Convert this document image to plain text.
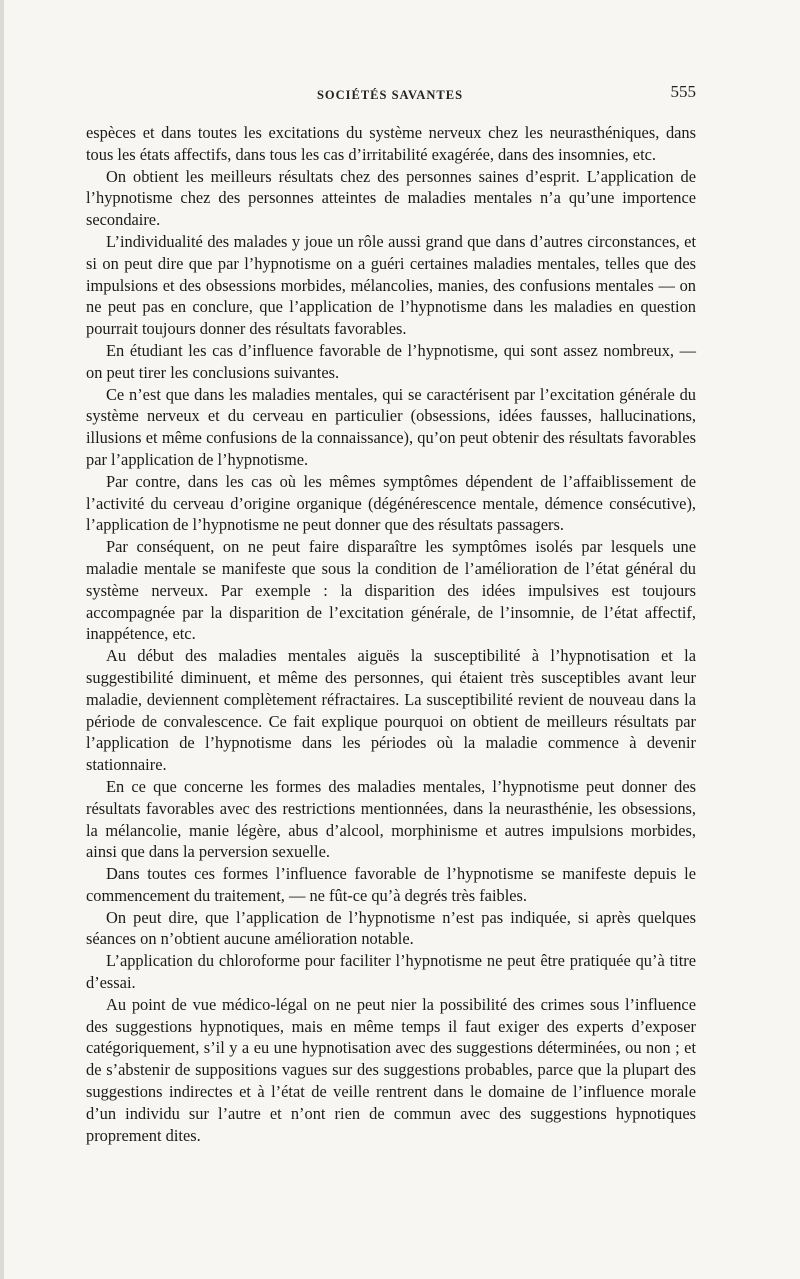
SOCIÉTÉS SAVANTES	555

espèces et dans toutes les excitations du système nerveux chez les neurasthéniques, dans tous les états affectifs, dans tous les cas d’irritabilité exagérée, dans des insomnies, etc.

On obtient les meilleurs résultats chez des personnes saines d’esprit. L’application de l’hypnotisme chez des personnes atteintes de maladies mentales n’a qu’une importence secondaire.

L’individualité des malades y joue un rôle aussi grand que dans d’autres circonstances, et si on peut dire que par l’hypnotisme on a guéri certaines maladies mentales, telles que des impulsions et des obsessions morbides, mélancolies, manies, des confusions mentales — on ne peut pas en conclure, que l’application de l’hypnotisme dans les maladies en question pourrait toujours donner des résultats favorables.

En étudiant les cas d’influence favorable de l’hypnotisme, qui sont assez nombreux, — on peut tirer les conclusions suivantes.

Ce n’est que dans les maladies mentales, qui se caractérisent par l’excitation générale du système nerveux et du cerveau en particulier (obsessions, idées fausses, hallucinations, illusions et même confusions de la connaissance), qu’on peut obtenir des résultats favorables par l’application de l’hypnotisme.

Par contre, dans les cas où les mêmes symptômes dépendent de l’affaiblissement de l’activité du cerveau d’origine organique (dégénérescence mentale, démence consécutive), l’application de l’hypnotisme ne peut donner que des résultats passagers.

Par conséquent, on ne peut faire disparaître les symptômes isolés par lesquels une maladie mentale se manifeste que sous la condition de l’amélioration de l’état général du système nerveux. Par exemple : la disparition des idées impulsives est toujours accompagnée par la disparition de l’excitation générale, de l’insomnie, de l’état affectif, inappétence, etc.

Au début des maladies mentales aiguës la susceptibilité à l’hypnotisation et la suggestibilité diminuent, et même des personnes, qui étaient très susceptibles avant leur maladie, deviennent complètement réfractaires. La susceptibilité revient de nouveau dans la période de convalescence. Ce fait explique pourquoi on obtient de meilleurs résultats par l’application de l’hypnotisme dans les périodes où la maladie commence à devenir stationnaire.

En ce que concerne les formes des maladies mentales, l’hypnotisme peut donner des résultats favorables avec des restrictions mentionnées, dans la neurasthénie, les obsessions, la mélancolie, manie légère, abus d’alcool, morphinisme et autres impulsions morbides, ainsi que dans la perversion sexuelle.

Dans toutes ces formes l’influence favorable de l’hypnotisme se manifeste depuis le commencement du traitement, — ne fût-ce qu’à degrés très faibles.

On peut dire, que l’application de l’hypnotisme n’est pas indiquée, si après quelques séances on n’obtient aucune amélioration notable.

L’application du chloroforme pour faciliter l’hypnotisme ne peut être pratiquée qu’à titre d’essai.

Au point de vue médico-légal on ne peut nier la possibilité des crimes sous l’influence des suggestions hypnotiques, mais en même temps il faut exiger des experts d’exposer catégoriquement, s’il y a eu une hypnotisation avec des suggestions déterminées, ou non ; et de s’abstenir de suppositions vagues sur des suggestions probables, parce que la plupart des suggestions indirectes et à l’état de veille rentrent dans le domaine de l’influence morale d’un individu sur l’autre et n’ont rien de commun avec des suggestions hypnotiques proprement dites.
